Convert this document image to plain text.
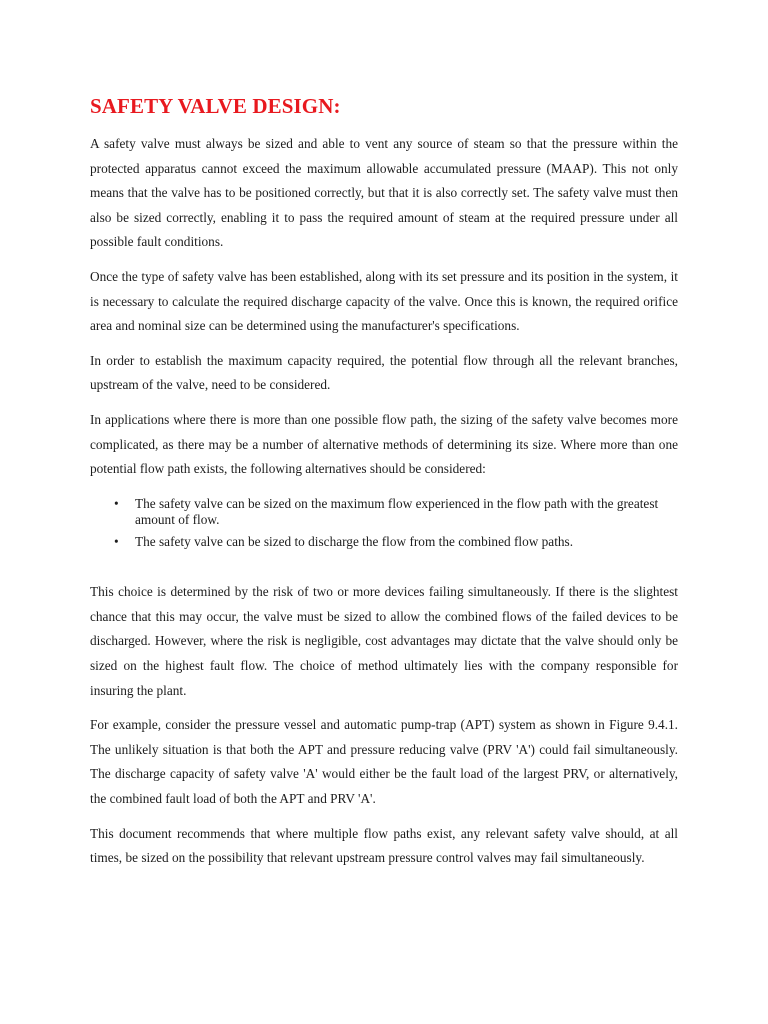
SAFETY VALVE DESIGN:

A safety valve must always be sized and able to vent any source of steam so that the pressure within the protected apparatus cannot exceed the maximum allowable accumulated pressure (MAAP). This not only means that the valve has to be positioned correctly, but that it is also correctly set. The safety valve must then also be sized correctly, enabling it to pass the required amount of steam at the required pressure under all possible fault conditions.

Once the type of safety valve has been established, along with its set pressure and its position in the system, it is necessary to calculate the required discharge capacity of the valve. Once this is known, the required orifice area and nominal size can be determined using the manufacturer's specifications.

In order to establish the maximum capacity required, the potential flow through all the relevant branches, upstream of the valve, need to be considered.

In applications where there is more than one possible flow path, the sizing of the safety valve becomes more complicated, as there may be a number of alternative methods of determining its size. Where more than one potential flow path exists, the following alternatives should be considered:

• The safety valve can be sized on the maximum flow experienced in the flow path with the greatest amount of flow.
• The safety valve can be sized to discharge the flow from the combined flow paths.

This choice is determined by the risk of two or more devices failing simultaneously. If there is the slightest chance that this may occur, the valve must be sized to allow the combined flows of the failed devices to be discharged. However, where the risk is negligible, cost advantages may dictate that the valve should only be sized on the highest fault flow. The choice of method ultimately lies with the company responsible for insuring the plant.

For example, consider the pressure vessel and automatic pump-trap (APT) system as shown in Figure 9.4.1. The unlikely situation is that both the APT and pressure reducing valve (PRV 'A') could fail simultaneously. The discharge capacity of safety valve 'A' would either be the fault load of the largest PRV, or alternatively, the combined fault load of both the APT and PRV 'A'.

This document recommends that where multiple flow paths exist, any relevant safety valve should, at all times, be sized on the possibility that relevant upstream pressure control valves may fail simultaneously.
